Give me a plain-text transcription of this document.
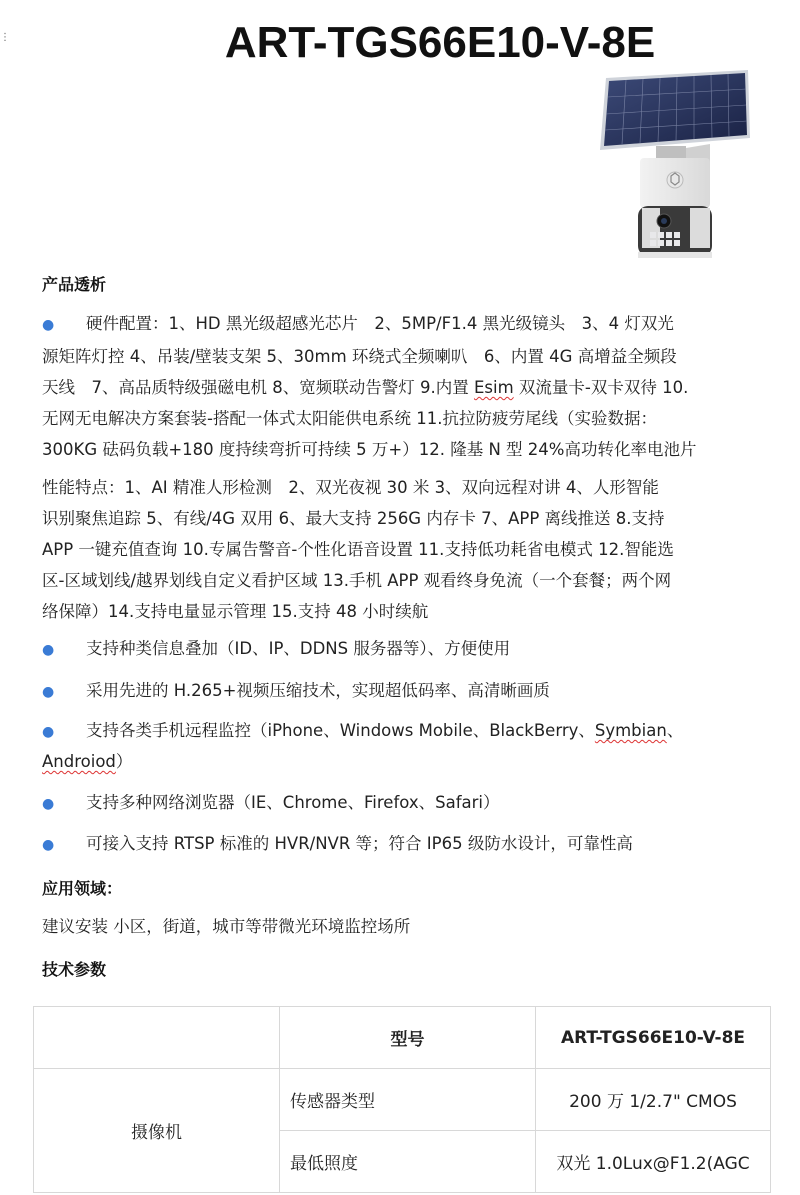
⋮	ART-TGS66E10-V-8E
产品透析
● 硬件配置：1、HD 黑光级超感光芯片　2、5MP/F1.4 黑光级镜头　3、4 灯双光
源矩阵灯控 4、吊装/壁装支架 5、30mm 环绕式全频喇叭　6、内置 4G 高增益全频段
天线　7、高品质特级强磁电机 8、宽频联动告警灯 9.内置 Esim 双流量卡-双卡双待 10.
无网无电解决方案套装-搭配一体式太阳能供电系统 11.抗拉防疲劳尾线（实验数据：
300KG 砝码负载+180 度持续弯折可持续 5 万+）12. 隆基 N 型 24%高功转化率电池片
性能特点：1、AI 精准人形检测　2、双光夜视 30 米 3、双向远程对讲 4、人形智能
识别聚焦追踪 5、有线/4G 双用 6、最大支持 256G 内存卡 7、APP 离线推送 8.支持
APP 一键充值查询 10.专属告警音-个性化语音设置 11.支持低功耗省电模式 12.智能选
区-区域划线/越界划线自定义看护区域 13.手机 APP 观看终身免流（一个套餐；两个网
络保障）14.支持电量显示管理 15.支持 48 小时续航
● 支持种类信息叠加（ID、IP、DDNS 服务器等）、方便使用
● 采用先进的 H.265+视频压缩技术，实现超低码率、高清晰画质
● 支持各类手机远程监控（iPhone、Windows Mobile、BlackBerry、Symbian、
Androiod）
● 支持多种网络浏览器（IE、Chrome、Firefox、Safari）
● 可接入支持 RTSP 标准的 HVR/NVR 等；符合 IP65 级防水设计，可靠性高
应用领域：
建议安装 小区，街道，城市等带微光环境监控场所
技术参数
	型号	ART-TGS66E10-V-8E
摄像机	传感器类型	200 万 1/2.7" CMOS
	最低照度	双光 1.0Lux@F1.2(AGC
